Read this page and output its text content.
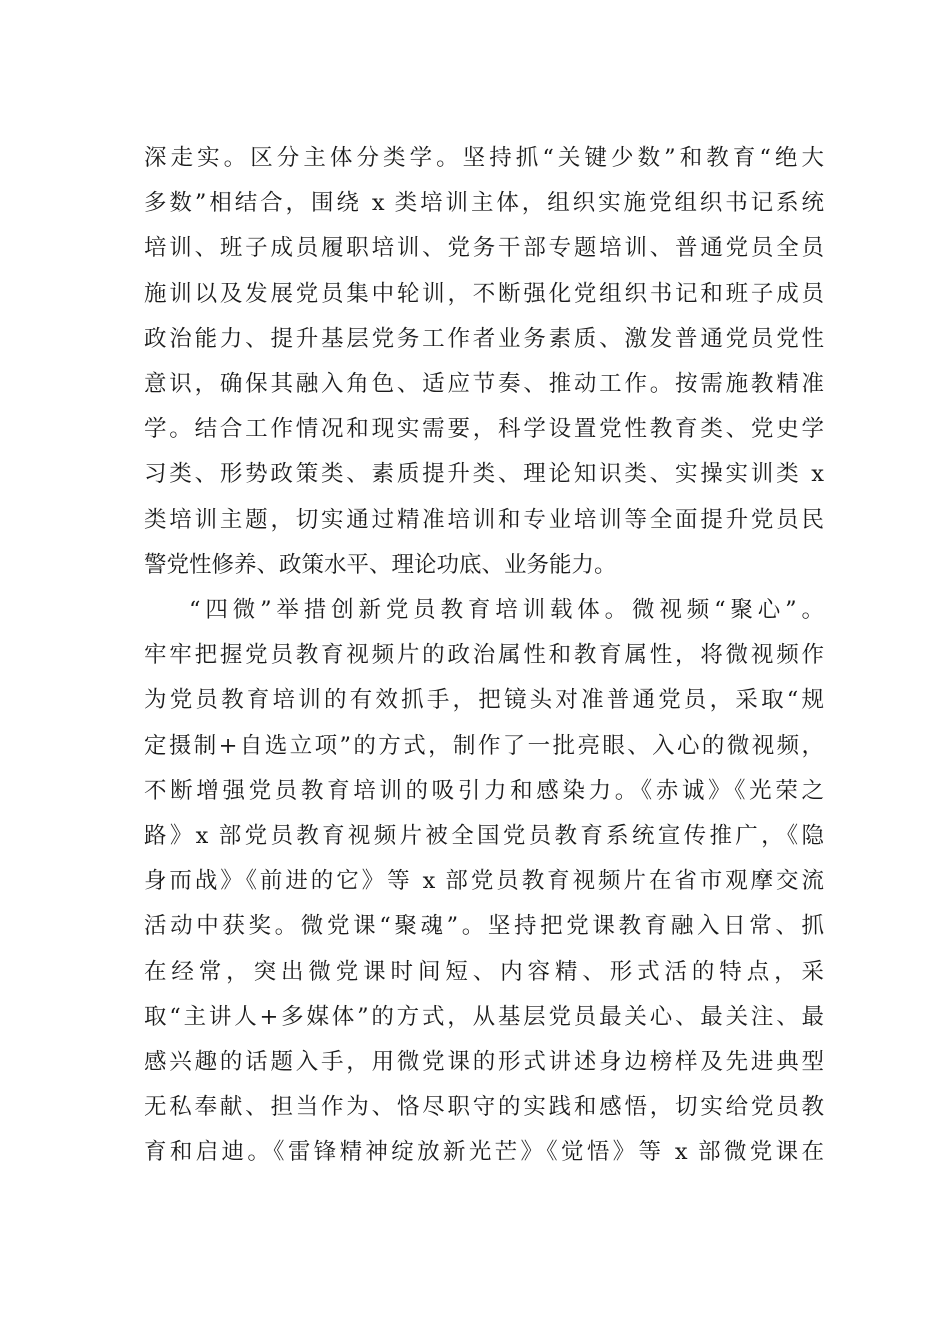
深走实。区分主体分类学。坚持抓“关键少数”和教育“绝大
多数”相结合，围绕 x 类培训主体，组织实施党组织书记系统
培训、班子成员履职培训、党务干部专题培训、普通党员全员
施训以及发展党员集中轮训，不断强化党组织书记和班子成员
政治能力、提升基层党务工作者业务素质、激发普通党员党性
意识，确保其融入角色、适应节奏、推动工作。按需施教精准
学。结合工作情况和现实需要，科学设置党性教育类、党史学
习类、形势政策类、素质提升类、理论知识类、实操实训类 x
类培训主题，切实通过精准培训和专业培训等全面提升党员民
警党性修养、政策水平、理论功底、业务能力。
“四微”举措创新党员教育培训载体。微视频“聚心”。
牢牢把握党员教育视频片的政治属性和教育属性，将微视频作
为党员教育培训的有效抓手，把镜头对准普通党员，采取“规
定摄制+自选立项”的方式，制作了一批亮眼、入心的微视频，
不断增强党员教育培训的吸引力和感染力。《赤诚》《光荣之
路》x 部党员教育视频片被全国党员教育系统宣传推广，《隐
身而战》《前进的它》等 x 部党员教育视频片在省市观摩交流
活动中获奖。微党课“聚魂”。坚持把党课教育融入日常、抓
在经常，突出微党课时间短、内容精、形式活的特点，采
取“主讲人+多媒体”的方式，从基层党员最关心、最关注、最
感兴趣的话题入手，用微党课的形式讲述身边榜样及先进典型
无私奉献、担当作为、恪尽职守的实践和感悟，切实给党员教
育和启迪。《雷锋精神绽放新光芒》《觉悟》等 x 部微党课在
